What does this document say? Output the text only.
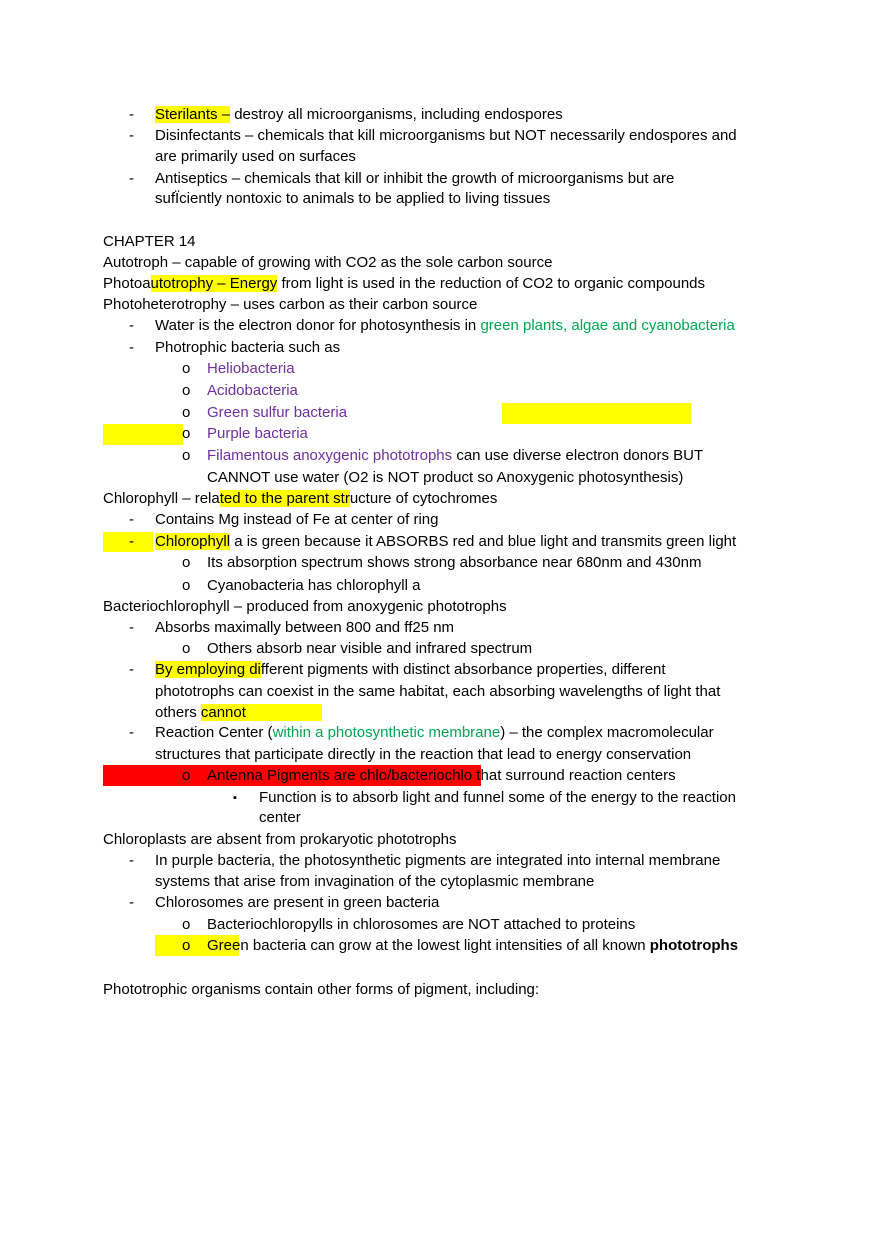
- Sterilants – destroy all microorganisms, including endospores
- Disinfectants – chemicals that kill microorganisms but NOT necessarily endospores and
are primarily used on surfaces
- Antiseptics – chemicals that kill or inhibit the growth of microorganisms but are
sufÏciently nontoxic to animals to be applied to living tissues
CHAPTER 14
Autotroph – capable of growing with CO2 as the sole carbon source
Photoautotrophy – Energy from light is used in the reduction of CO2 to organic compounds
Photoheterotrophy – uses carbon as their carbon source
- Water is the electron donor for photosynthesis in green plants, algae and cyanobacteria
- Photrophic bacteria such as
o Heliobacteria
o Acidobacteria
o Green sulfur bacteria
o Purple bacteria
o Filamentous anoxygenic phototrophs can use diverse electron donors BUT
CANNOT use water (O2 is NOT product so Anoxygenic photosynthesis)
Chlorophyll – related to the parent structure of cytochromes
- Contains Mg instead of Fe at center of ring
- Chlorophyll a is green because it ABSORBS red and blue light and transmits green light
o Its absorption spectrum shows strong absorbance near 680nm and 430nm
o Cyanobacteria has chlorophyll a
Bacteriochlorophyll – produced from anoxygenic phototrophs
- Absorbs maximally between 800 and ff25 nm
o Others absorb near visible and infrared spectrum
- By employing different pigments with distinct absorbance properties, different
phototrophs can coexist in the same habitat, each absorbing wavelengths of light that
others cannot
- Reaction Center (within a photosynthetic membrane) – the complex macromolecular
structures that participate directly in the reaction that lead to energy conservation
o Antenna Pigments are chlo/bacteriochlo that surround reaction centers
▪ Function is to absorb light and funnel some of the energy to the reaction
center
Chloroplasts are absent from prokaryotic phototrophs
- In purple bacteria, the photosynthetic pigments are integrated into internal membrane
systems that arise from invagination of the cytoplasmic membrane
- Chlorosomes are present in green bacteria
o Bacteriochloropylls in chlorosomes are NOT attached to proteins
o Green bacteria can grow at the lowest light intensities of all known phototrophs
Phototrophic organisms contain other forms of pigment, including:
